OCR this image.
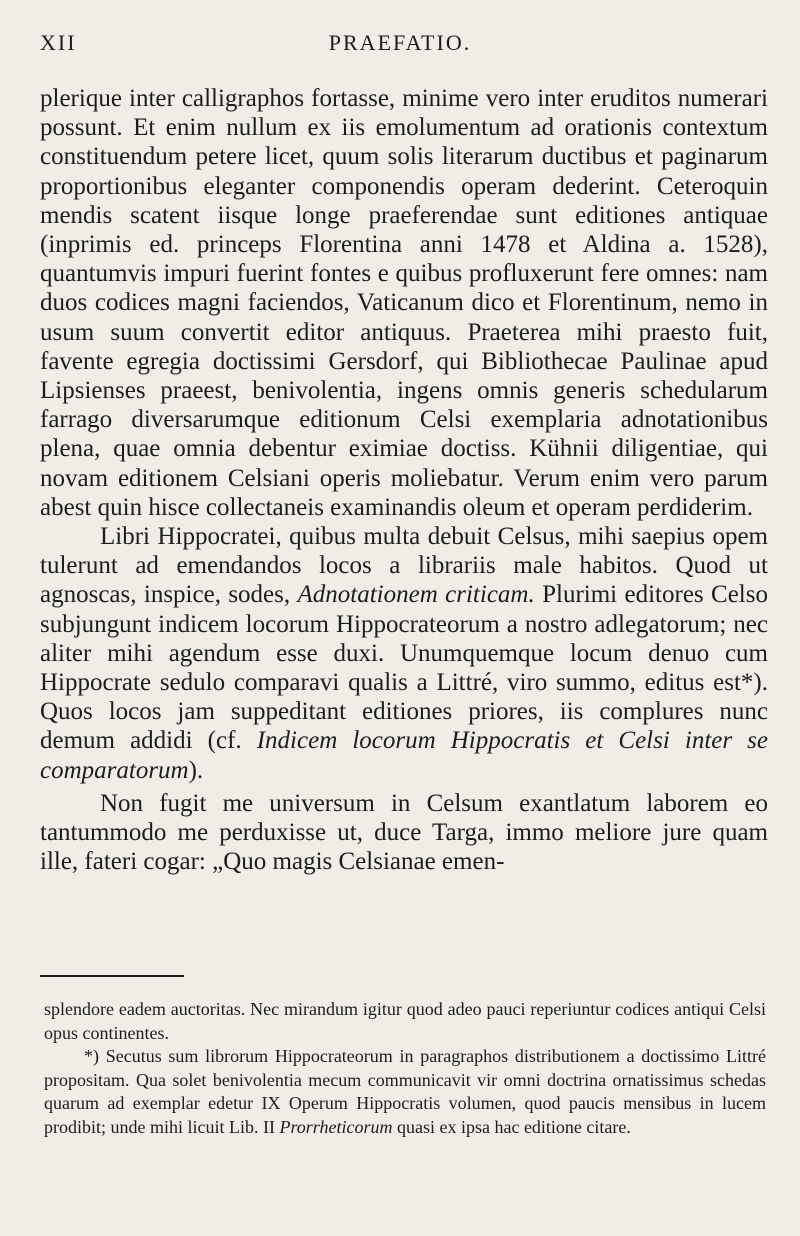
XII	PRAEFATIO.

plerique inter calligraphos fortasse, minime vero inter eruditos numerari possunt. Et enim nullum ex iis emolumentum ad orationis contextum constituendum petere licet, quum solis literarum ductibus et paginarum proportionibus eleganter componendis operam dederint. Ceteroquin mendis scatent iisque longe praeferendae sunt editiones antiquae (inprimis ed. princeps Florentina anni 1478 et Aldina a. 1528), quantumvis impuri fuerint fontes e quibus profluxerunt fere omnes: nam duos codices magni faciendos, Vaticanum dico et Florentinum, nemo in usum suum convertit editor antiquus. Praeterea mihi praesto fuit, favente egregia doctissimi Gersdorf, qui Bibliothecae Paulinae apud Lipsienses praeest, benivolentia, ingens omnis generis schedularum farrago diversarumque editionum Celsi exemplaria adnotationibus plena, quae omnia debentur eximiae doctiss. Kühnii diligentiae, qui novam editionem Celsiani operis moliebatur. Verum enim vero parum abest quin hisce collectaneis examinandis oleum et operam perdiderim.

Libri Hippocratei, quibus multa debuit Celsus, mihi saepius opem tulerunt ad emendandos locos a librariis male habitos. Quod ut agnoscas, inspice, sodes, Adnotationem criticam. Plurimi editores Celso subjungunt indicem locorum Hippocrateorum a nostro adlegatorum; nec aliter mihi agendum esse duxi. Unumquemque locum denuo cum Hippocrate sedulo comparavi qualis a Littré, viro summo, editus est*). Quos locos jam suppeditant editiones priores, iis complures nunc demum addidi (cf. Indicem locorum Hippocratis et Celsi inter se comparatorum).

Non fugit me universum in Celsum exantlatum laborem eo tantummodo me perduxisse ut, duce Targa, immo meliore jure quam ille, fateri cogar: „Quo magis Celsianae emen-

splendore eadem auctoritas. Nec mirandum igitur quod adeo pauci reperiuntur codices antiqui Celsi opus continentes.

*) Secutus sum librorum Hippocrateorum in paragraphos distributionem a doctissimo Littré propositam. Qua solet benivolentia mecum communicavit vir omni doctrina ornatissimus schedas quarum ad exemplar edetur IX Operum Hippocratis volumen, quod paucis mensibus in lucem prodibit; unde mihi licuit Lib. II Prorrheticorum quasi ex ipsa hac editione citare.
